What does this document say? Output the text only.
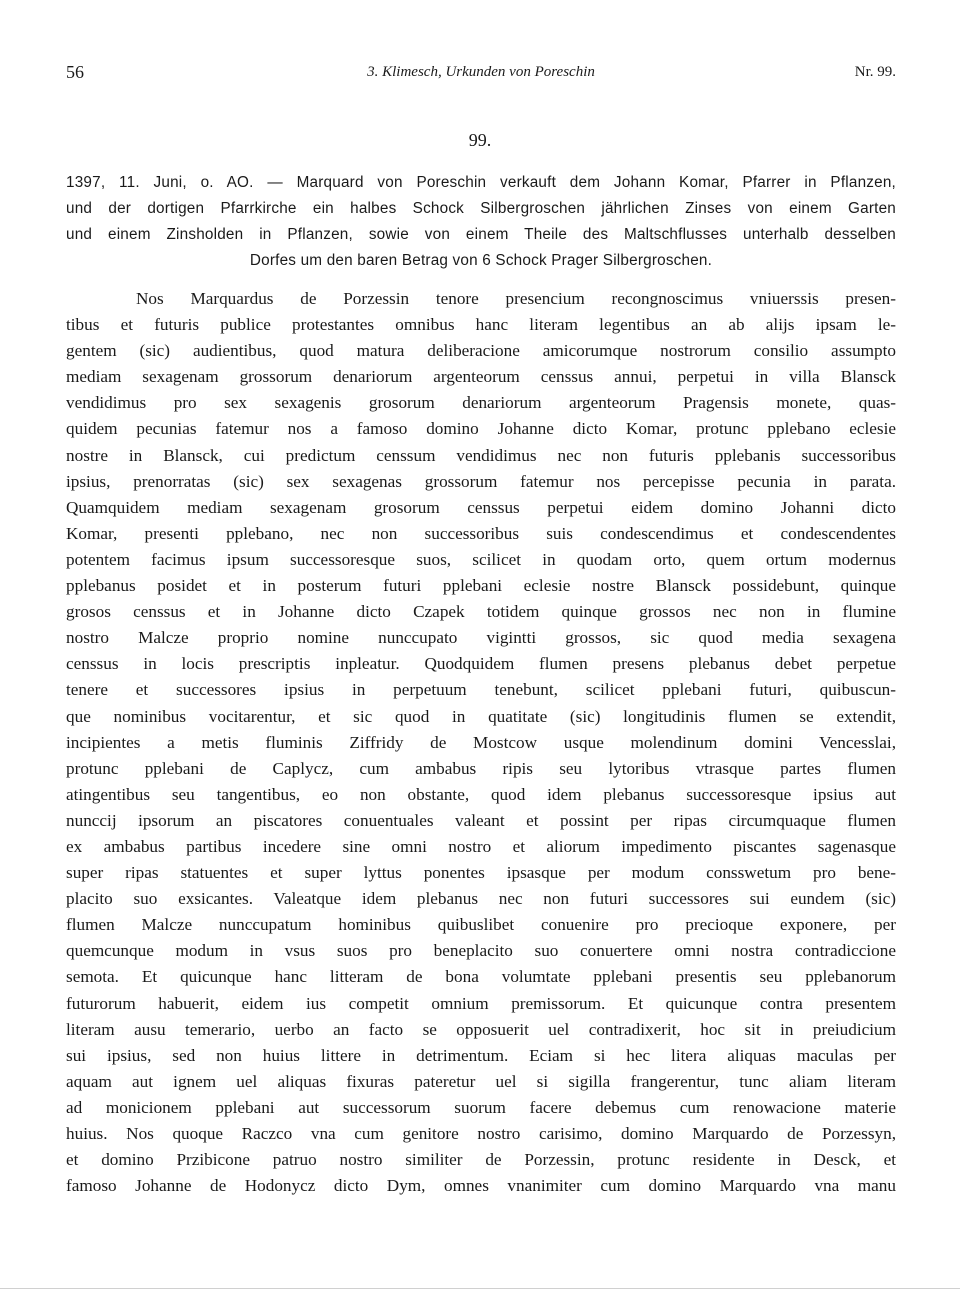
56	3. Klimesch, Urkunden von Poreschin	Nr. 99.
99.
1397, 11. Juni, o. AO. — Marquard von Poreschin verkauft dem Johann Komar, Pfarrer in Pflanzen,
und der dortigen Pfarrkirche ein halbes Schock Silbergroschen jährlichen Zinses von einem Garten
und einem Zinsholden in Pflanzen, sowie von einem Theile des Maltschflusses unterhalb desselben
Dorfes um den baren Betrag von 6 Schock Prager Silbergroschen.
Nos Marquardus de Porzessin tenore presencium recongnoscimus vniuerssis presen-
tibus et futuris publice protestantes omnibus hanc literam legentibus an ab alijs ipsam le-
gentem (sic) audientibus, quod matura deliberacione amicorumque nostrorum consilio assumpto
mediam sexagenam grossorum denariorum argenteorum censsus annui, perpetui in villa Blansck
vendidimus pro sex sexagenis grosorum denariorum argenteorum Pragensis monete, quas-
quidem pecunias fatemur nos a famoso domino Johanne dicto Komar, protunc pplebano eclesie
nostre in Blansck, cui predictum censsum vendidimus nec non futuris pplebanis successoribus
ipsius, prenorratas (sic) sex sexagenas grossorum fatemur nos percepisse pecunia in parata.
Quamquidem mediam sexagenam grosorum censsus perpetui eidem domino Johanni dicto
Komar, presenti pplebano, nec non successoribus suis condescendimus et condescendentes
potentem facimus ipsum successoresque suos, scilicet in quodam orto, quem ortum modernus
pplebanus posidet et in posterum futuri pplebani eclesie nostre Blansck possidebunt, quinque
grosos censsus et in Johanne dicto Czapek totidem quinque grossos nec non in flumine
nostro Malcze proprio nomine nunccupato vigintti grossos, sic quod media sexagena
censsus in locis prescriptis inpleatur. Quodquidem flumen presens plebanus debet perpetue
tenere et successores ipsius in perpetuum tenebunt, scilicet pplebani futuri, quibuscun-
que nominibus vocitarentur, et sic quod in quatitate (sic) longitudinis flumen se extendit,
incipientes a metis fluminis Ziffridy de Mostcow usque molendinum domini Vencesslai,
protunc pplebani de Caplycz, cum ambabus ripis seu lytoribus vtrasque partes flumen
atingentibus seu tangentibus, eo non obstante, quod idem plebanus successoresque ipsius aut
nunccij ipsorum an piscatores conuentuales valeant et possint per ripas circumquaque flumen
ex ambabus partibus incedere sine omni nostro et aliorum impedimento piscantes sagenasque
super ripas statuentes et super lyttus ponentes ipsasque per modum consswetum pro bene-
placito suo exsicantes. Valeatque idem plebanus nec non futuri successores sui eundem (sic)
flumen Malcze nunccupatum hominibus quibuslibet conuenire pro precioque exponere, per
quemcunque modum in vsus suos pro beneplacito suo conuertere omni nostra contradiccione
semota. Et quicunque hanc litteram de bona volumtate pplebani presentis seu pplebanorum
futurorum habuerit, eidem ius competit omnium premissorum. Et quicunque contra presentem
literam ausu temerario, uerbo an facto se opposuerit uel contradixerit, hoc sit in preiudicium
sui ipsius, sed non huius littere in detrimentum. Eciam si hec litera aliquas maculas per
aquam aut ignem uel aliquas fixuras pateretur uel si sigilla frangerentur, tunc aliam literam
ad monicionem pplebani aut successorum suorum facere debemus cum renowacione materie
huius. Nos quoque Raczco vna cum genitore nostro carisimo, domino Marquardo de Porzessyn,
et domino Przibicone patruo nostro similiter de Porzessin, protunc residente in Desck, et
famoso Johanne de Hodonycz dicto Dym, omnes vnanimiter cum domino Marquardo vna manu
